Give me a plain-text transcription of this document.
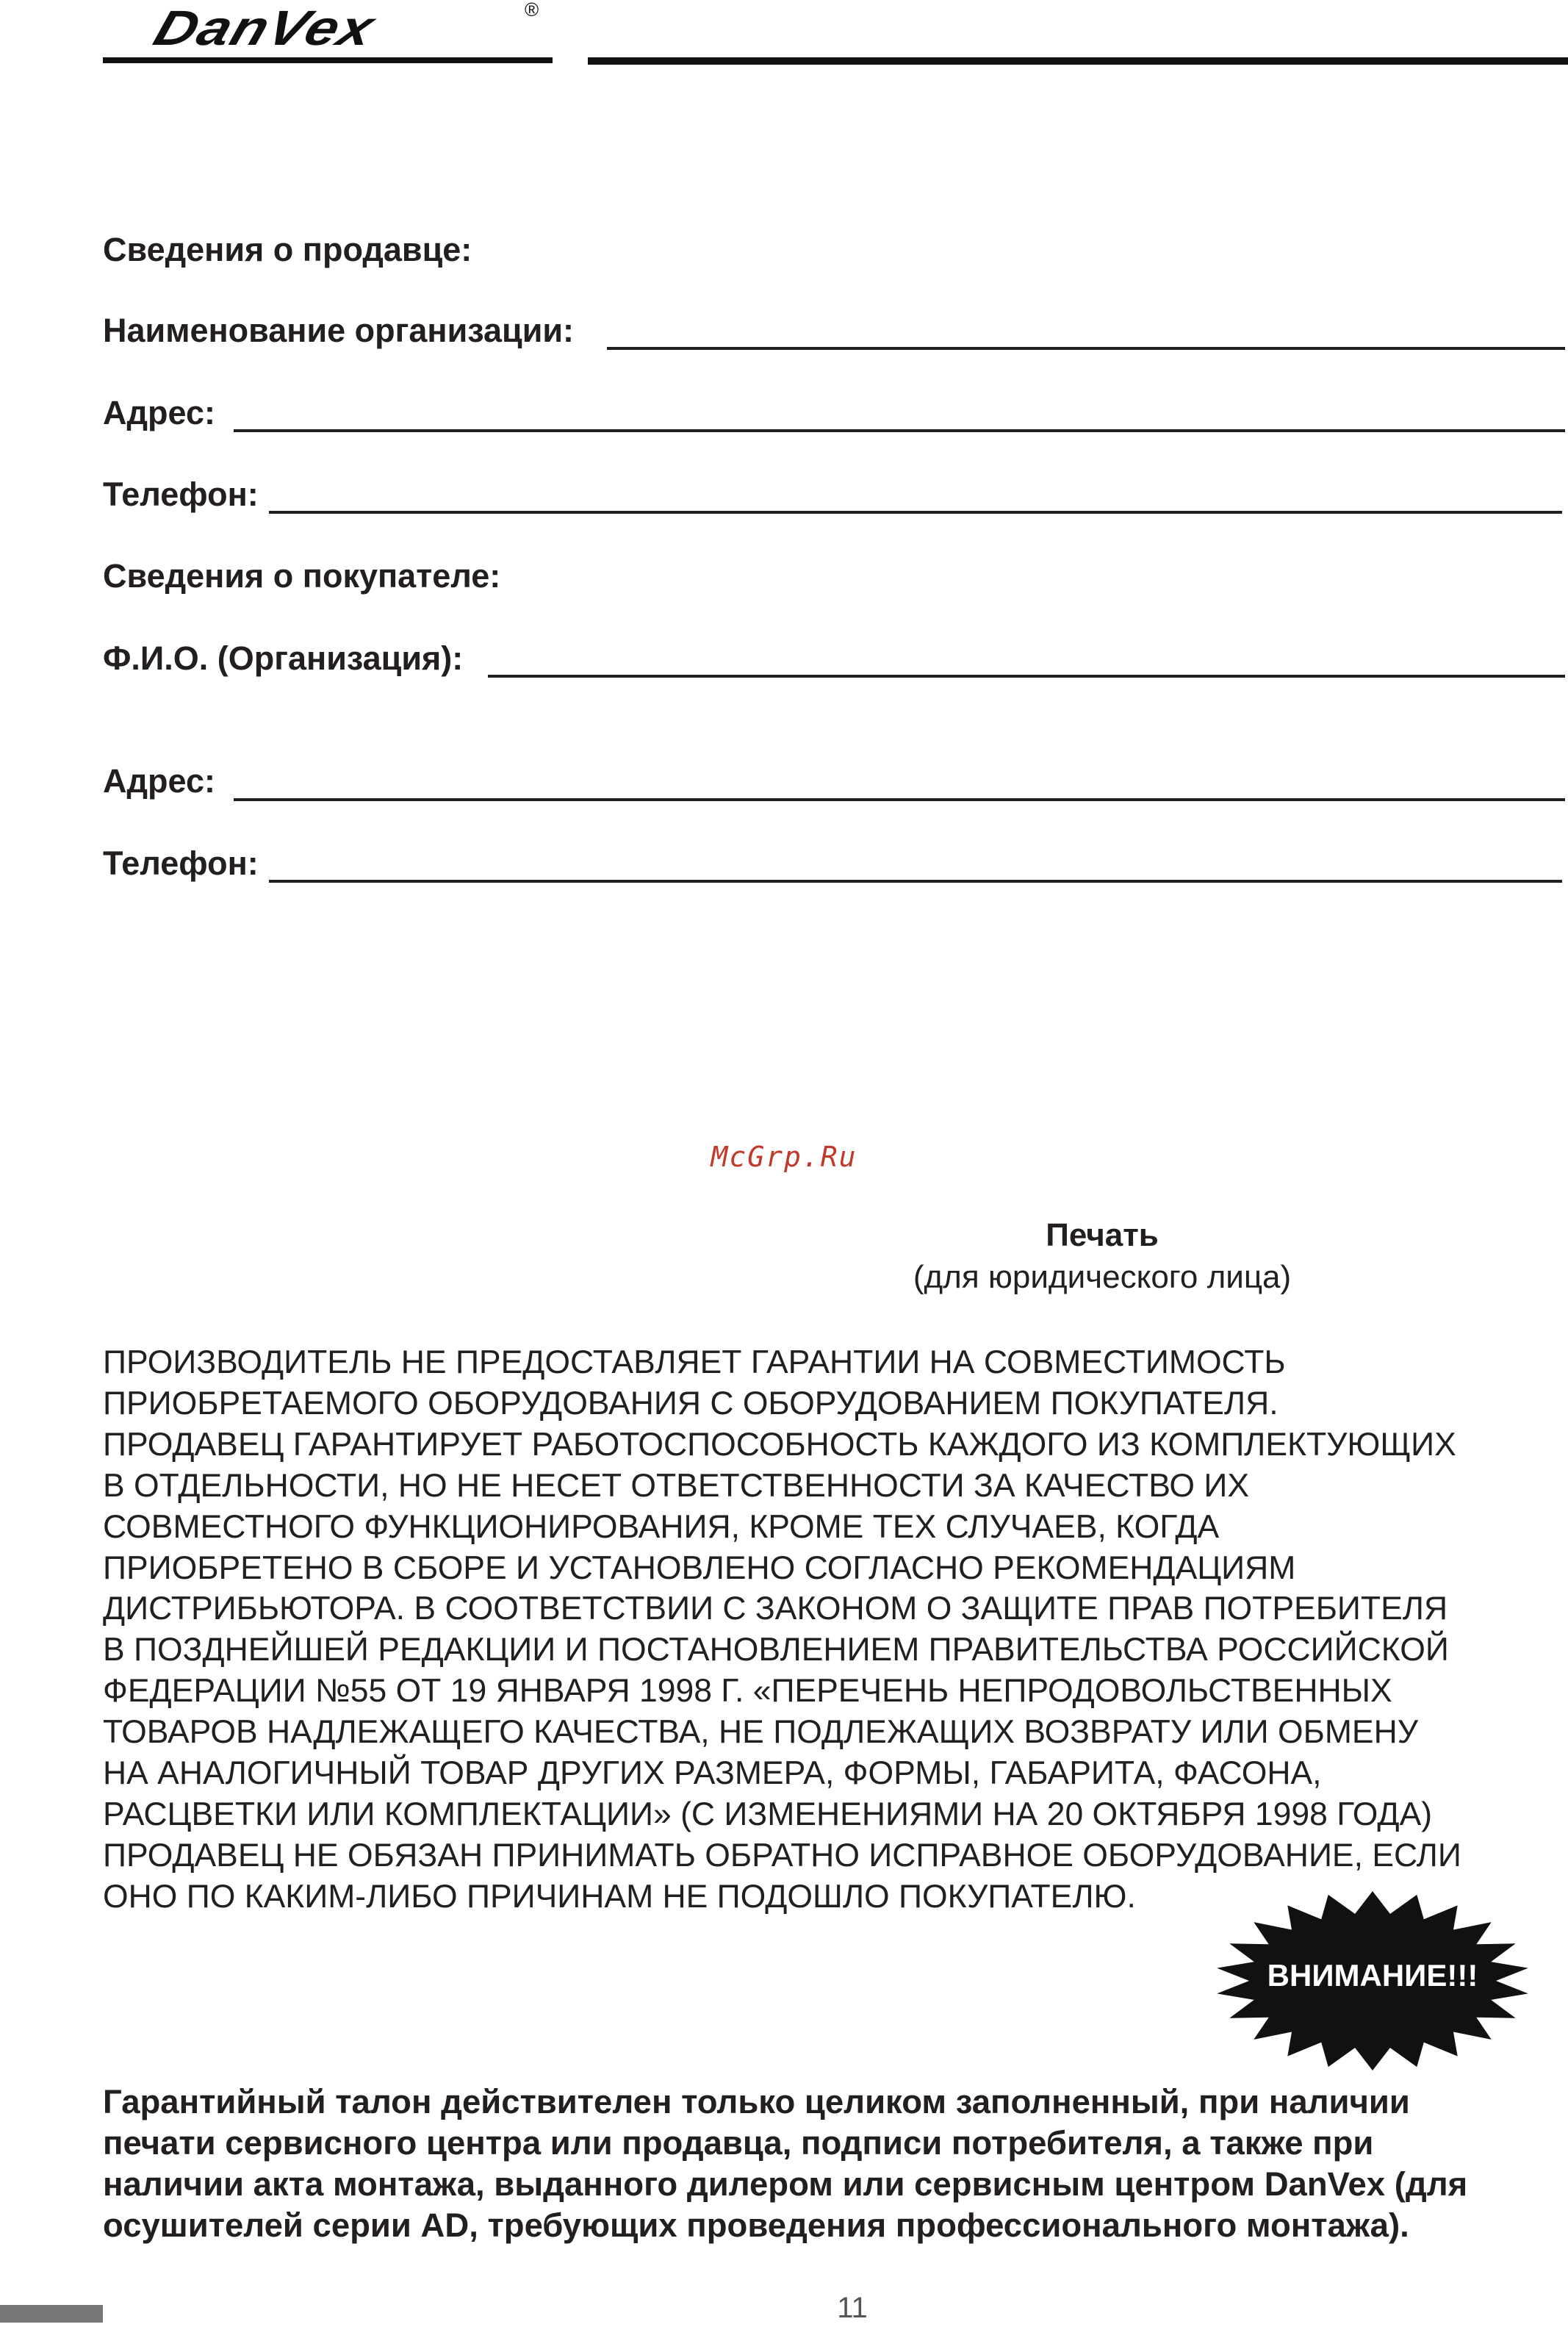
DanVex	®
Сведения о продавце:
Наименование организации:
Адрес:
Телефон:
Сведения о покупателе:
Ф.И.О. (Организация):
Адрес:
Телефон:
McGrp.Ru
Печать
(для юридического лица)
ПРОИЗВОДИТЕЛЬ НЕ ПРЕДОСТАВЛЯЕТ ГАРАНТИИ НА СОВМЕСТИМОСТЬ
ПРИОБРЕТАЕМОГО ОБОРУДОВАНИЯ С ОБОРУДОВАНИЕМ ПОКУПАТЕЛЯ.
ПРОДАВЕЦ ГАРАНТИРУЕТ РАБОТОСПОСОБНОСТЬ КАЖДОГО ИЗ КОМПЛЕКТУЮЩИХ
В ОТДЕЛЬНОСТИ, НО НЕ НЕСЕТ ОТВЕТСТВЕННОСТИ ЗА КАЧЕСТВО ИХ
СОВМЕСТНОГО ФУНКЦИОНИРОВАНИЯ, КРОМЕ ТЕХ СЛУЧАЕВ, КОГДА
ПРИОБРЕТЕНО В СБОРЕ И УСТАНОВЛЕНО СОГЛАСНО РЕКОМЕНДАЦИЯМ
ДИСТРИБЬЮТОРА. В СООТВЕТСТВИИ С ЗАКОНОМ О ЗАЩИТЕ ПРАВ ПОТРЕБИТЕЛЯ
В ПОЗДНЕЙШЕЙ РЕДАКЦИИ И ПОСТАНОВЛЕНИЕМ ПРАВИТЕЛЬСТВА РОССИЙСКОЙ
ФЕДЕРАЦИИ №55 ОТ 19 ЯНВАРЯ 1998 Г. «ПЕРЕЧЕНЬ НЕПРОДОВОЛЬСТВЕННЫХ
ТОВАРОВ НАДЛЕЖАЩЕГО КАЧЕСТВА, НЕ ПОДЛЕЖАЩИХ ВОЗВРАТУ ИЛИ ОБМЕНУ
НА АНАЛОГИЧНЫЙ ТОВАР ДРУГИХ РАЗМЕРА, ФОРМЫ, ГАБАРИТА, ФАСОНА,
РАСЦВЕТКИ ИЛИ КОМПЛЕКТАЦИИ» (С ИЗМЕНЕНИЯМИ НА 20 ОКТЯБРЯ 1998 ГОДА)
ПРОДАВЕЦ НЕ ОБЯЗАН ПРИНИМАТЬ ОБРАТНО ИСПРАВНОЕ ОБОРУДОВАНИЕ, ЕСЛИ
ОНО ПО КАКИМ-ЛИБО ПРИЧИНАМ НЕ ПОДОШЛО ПОКУПАТЕЛЮ.
ВНИМАНИЕ!!!
Гарантийный талон действителен только целиком заполненный, при наличии
печати сервисного центра или продавца, подписи потребителя, а также при
наличии акта монтажа, выданного дилером или сервисным центром DanVex (для
осушителей серии AD, требующих проведения профессионального монтажа).
11
